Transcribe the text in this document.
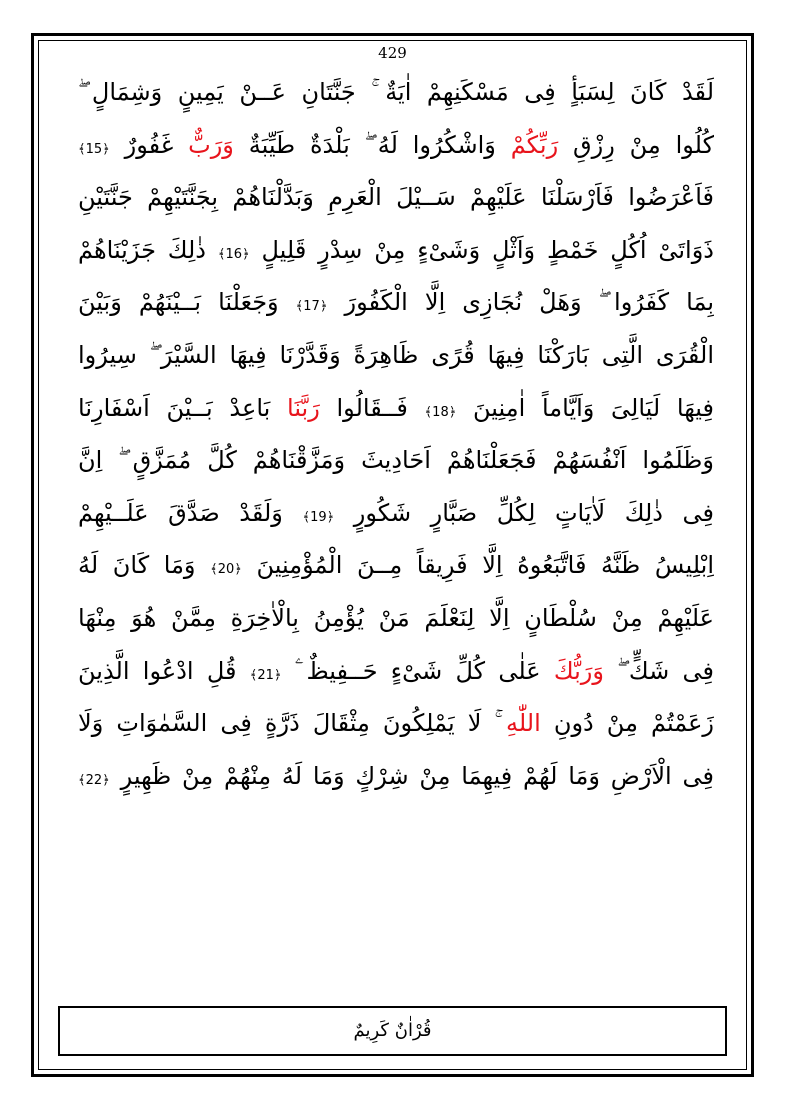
429
لَقَدْ كَانَ لِسَبَأٍ فِى مَسْكَنِهِمْ اٰيَةٌ ۚ جَنَّتَانِ عَــنْ يَمِينٍ وَشِمَالٍ ۖ
كُلُوا مِنْ رِزْقِ رَبِّكُمْ وَاشْكُرُوا لَهُ ۖ بَلْدَةٌ طَيِّبَةٌ وَرَبٌّ غَفُورٌ ﴿15﴾
فَاَعْرَضُوا فَاَرْسَلْنَا عَلَيْهِمْ سَــيْلَ الْعَرِمِ وَبَدَّلْنَاهُمْ بِجَنَّتَيْهِمْ جَنَّتَيْنِ
ذَوَاتَىْ اُكُلٍ خَمْطٍ وَاَثْلٍ وَشَىْءٍ مِنْ سِدْرٍ قَلِيلٍ ﴿16﴾ ذٰلِكَ جَزَيْنَاهُمْ
بِمَا كَفَرُوا ۖ وَهَلْ نُجَازِى اِلَّا الْكَفُورَ ﴿17﴾ وَجَعَلْنَا بَــيْنَهُمْ وَبَيْنَ
الْقُرَى الَّتِى بَارَكْنَا فِيهَا قُرًى ظَاهِرَةً وَقَدَّرْنَا فِيهَا السَّيْرَ ۖ سِيرُوا
فِيهَا لَيَالِىَ وَاَيَّاماً اٰمِنِينَ ﴿18﴾ فَــقَالُوا رَبَّنَا بَاعِدْ بَــيْنَ اَسْفَارِنَا
وَظَلَمُوا اَنْفُسَهُمْ فَجَعَلْنَاهُمْ اَحَادِيثَ وَمَزَّقْنَاهُمْ كُلَّ مُمَزَّقٍ ۖ اِنَّ
فِى ذٰلِكَ لَاٰيَاتٍ لِكُلِّ صَبَّارٍ شَكُورٍ ﴿19﴾ وَلَقَدْ صَدَّقَ عَلَــيْهِمْ
اِبْلِيسُ ظَنَّهُ فَاتَّبَعُوهُ اِلَّا فَرِيقاً مِــنَ الْمُؤْمِنِينَ ﴿20﴾ وَمَا كَانَ لَهُ
عَلَيْهِمْ مِنْ سُلْطَانٍ اِلَّا لِنَعْلَمَ مَنْ يُؤْمِنُ بِالْاٰخِرَةِ مِمَّنْ هُوَ مِنْهَا
فِى شَكٍّ ۖ وَرَبُّكَ عَلٰى كُلِّ شَىْءٍ حَــفِيظٌ ۧ ﴿21﴾ قُلِ ادْعُوا الَّذِينَ
زَعَمْتُمْ مِنْ دُونِ اللّٰهِ ۚ لَا يَمْلِكُونَ مِثْقَالَ ذَرَّةٍ فِى السَّمٰوَاتِ وَلَا
فِى الْاَرْضِ وَمَا لَهُمْ فِيهِمَا مِنْ شِرْكٍ وَمَا لَهُ مِنْهُمْ مِنْ ظَهِيرٍ ﴿22﴾
قُرْاٰنٌ كَرِيمٌ
